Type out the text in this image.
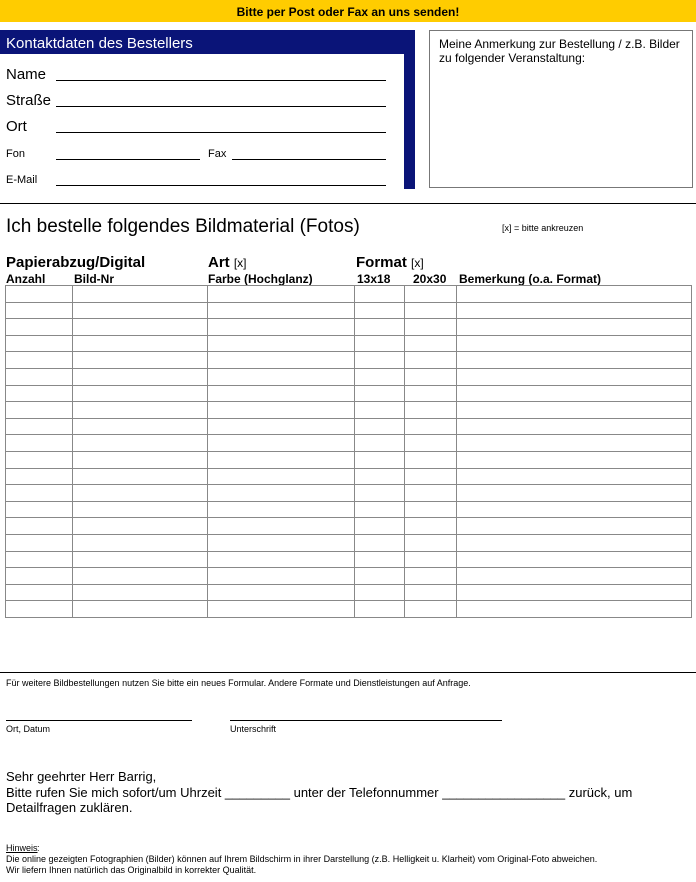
Bitte per Post oder Fax an uns senden!
Kontaktdaten des Bestellers
Name
Straße
Ort
Fon	Fax
E-Mail
Meine Anmerkung zur Bestellung / z.B. Bilder zu folgender Veranstaltung:
Ich bestelle folgendes Bildmaterial (Fotos)	[x] = bitte ankreuzen
Papierabzug/Digital	Art [x]	Format [x]
Anzahl Bild-Nr	Farbe (Hochglanz)	13x18 20x30 Bemerkung (o.a. Format)

Für weitere Bildbestellungen nutzen Sie bitte ein neues Formular. Andere Formate und Dienstleistungen auf Anfrage.
Ort, Datum	Unterschrift
Sehr geehrter Herr Barrig,
Bitte rufen Sie mich sofort/um Uhrzeit _________ unter der Telefonnummer _________________ zurück, um
Detailfragen zuklären.
Hinweis :
Die online gezeigten Fotographien (Bilder) können auf Ihrem Bildschirm in ihrer Darstellung (z.B. Helligkeit u. Klarheit) vom Original-Foto abweichen.
Wir liefern Ihnen natürlich das Originalbild in korrekter Qualität.
